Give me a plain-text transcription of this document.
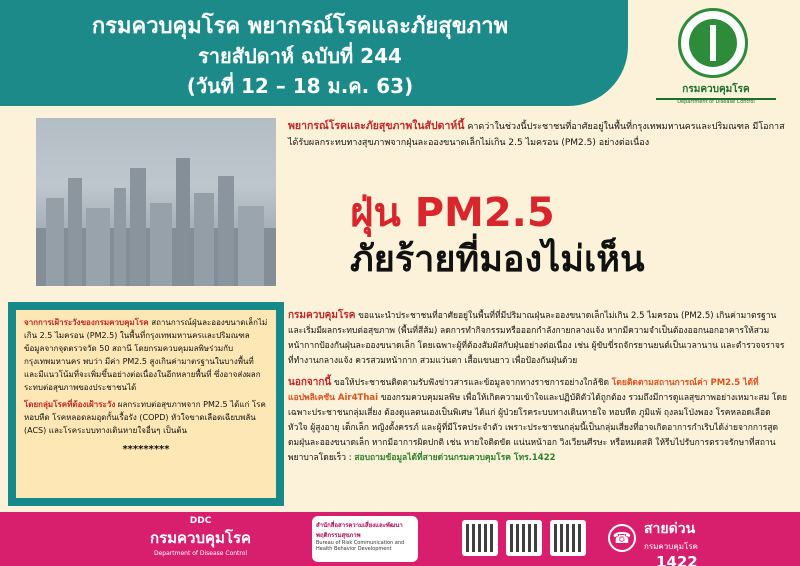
กรมควบคุมโรค พยากรณ์โรคและภัยสุขภาพ
รายสัปดาห์ ฉบับที่ 244
(วันที่ 12 – 18 ม.ค. 63)	กรมควบคุมโรค
Department of Disease Control
พยากรณ์โรคและภัยสุขภาพในสัปดาห์นี้ คาดว่าในช่วงนี้ประชาชนที่อาศัยอยู่ในพื้นที่กรุงเทพมหานครและปริมณฑล มีโอกาสได้รับผลกระทบทางสุขภาพจากฝุ่นละอองขนาดเล็กไม่เกิน 2.5 ไมครอน (PM2.5) อย่างต่อเนื่อง
ฝุ่น PM2.5
ภัยร้ายที่มองไม่เห็น

จากการเฝ้าระวังของกรมควบคุมโรค สถานการณ์ฝุ่นละอองขนาดเล็กไม่เกิน 2.5 ไมครอน (PM2.5) ในพื้นที่กรุงเทพมหานครและปริมณฑล ข้อมูลจากจุดตรวจวัด 50 สถานี โดยกรมควบคุมมลพิษร่วมกับกรุงเทพมหานคร พบว่า มีค่า PM2.5 สูงเกินค่ามาตรฐานในบางพื้นที่ และมีแนวโน้มที่จะเพิ่มขึ้นอย่างต่อเนื่องในอีกหลายพื้นที่ ซึ่งอาจส่งผลกระทบต่อสุขภาพของประชาชนได้

โดยกลุ่มโรคที่ต้องเฝ้าระวัง ผลกระทบต่อสุขภาพจาก PM2.5 ได้แก่ โรคหอบหืด โรคหลอดลมอุดกั้นเรื้อรัง (COPD) หัวใจขาดเลือดเฉียบพลัน (ACS) และโรคระบบทางเดินหายใจอื่นๆ เป็นต้น

*********

กรมควบคุมโรค ขอแนะนำประชาชนที่อาศัยอยู่ในพื้นที่ที่มีปริมาณฝุ่นละอองขนาดเล็กไม่เกิน 2.5 ไมครอน (PM2.5) เกินค่ามาตรฐานและเริ่มมีผลกระทบต่อสุขภาพ (พื้นที่สีส้ม) ลดการทำกิจกรรมหรือออกกำลังกายกลางแจ้ง หากมีความจำเป็นต้องออกนอกอาคารให้สวมหน้ากากป้องกันฝุ่นละอองขนาดเล็ก โดยเฉพาะผู้ที่ต้องสัมผัสกับฝุ่นอย่างต่อเนื่อง เช่น ผู้ขับขี่รถจักรยานยนต์เป็นเวลานาน และตำรวจจราจรที่ทำงานกลางแจ้ง ควรสวมหน้ากาก สวมแว่นตา เสื้อแขนยาว เพื่อป้องกันฝุ่นด้วย

นอกจากนี้ ขอให้ประชาชนติดตามรับฟังข่าวสารและข้อมูลจากทางราชการอย่างใกล้ชิด โดยติดตามสถานการณ์ค่า PM2.5 ได้ที่แอปพลิเคชัน Air4Thai ของกรมควบคุมมลพิษ เพื่อให้เกิดความเข้าใจและปฏิบัติตัวได้ถูกต้อง รวมถึงมีการดูแลสุขภาพอย่างเหมาะสม โดยเฉพาะประชาชนกลุ่มเสี่ยง ต้องดูแลตนเองเป็นพิเศษ ได้แก่ ผู้ป่วยโรคระบบทางเดินหายใจ หอบหืด ภูมิแพ้ ถุงลมโป่งพอง โรคหลอดเลือดหัวใจ ผู้สูงอายุ เด็กเล็ก หญิงตั้งครรภ์ และผู้ที่มีโรคประจำตัว เพราะประชาชนกลุ่มนี้เป็นกลุ่มเสี่ยงที่อาจเกิดอาการกำเริบได้ง่ายจากการสูดดมฝุ่นละอองขนาดเล็ก หากมีอาการผิดปกติ เช่น หายใจติดขัด แน่นหน้าอก วิงเวียนศีรษะ หรือหมดสติ ให้รีบไปรับการตรวจรักษาที่สถานพยาบาลโดยเร็ว : สอบถามข้อมูลได้ที่สายด่วนกรมควบคุมโรค โทร.1422

DDC
กรมควบคุมโรค
Department of Disease Control
สำนักสื่อสารความเสี่ยงและพัฒนาพฤติกรรมสุขภาพ
Bureau of Risk Communication and Health Behavior Development
☎ สายด่วน
กรมควบคุมโรค
1422
